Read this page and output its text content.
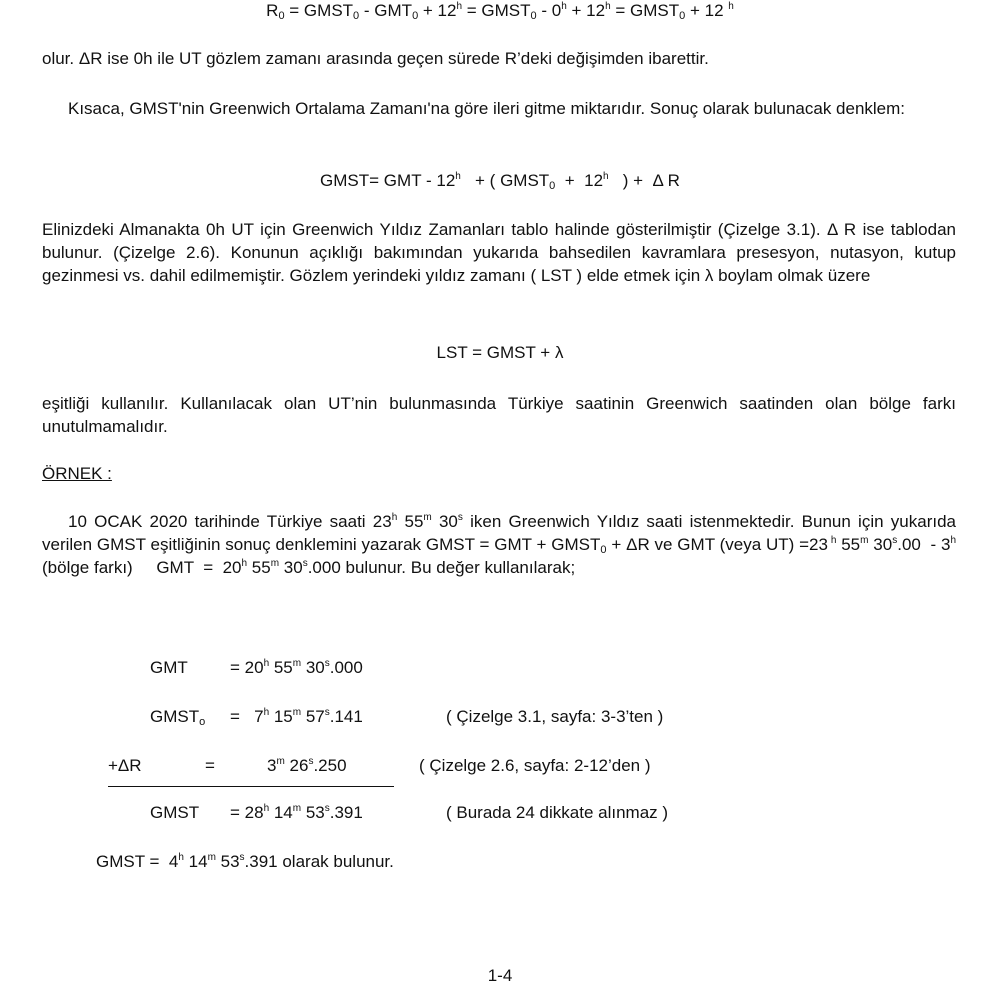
$R_0$ = $GMST_0 - GMT_0 + 12^h$ = $GMST_0 - 0^h + 12^h$ = $GMST_0 + 12$ $^h$
olur. ΔR ise 0h ile UT gözlem zamanı arasında geçen sürede R’deki değişimden ibarettir.
Kısaca, GMST'nin Greenwich Ortalama Zamanı'na göre ileri gitme miktarıdır. Sonuç olarak bulunacak denklem:
GMST= GMT - 12$^h$   + ( $GMST_0 + 12^h$   ) +  Δ R
Elinizdeki Almanakta 0h UT için Greenwich Yıldız Zamanları tablo halinde gösterilmiştir (Çizelge 3.1). Δ R ise tablodan bulunur. (Çizelge 2.6). Konunun açıklığı bakımından yukarıda bahsedilen kavramlara presesyon, nutasyon, kutup gezinmesi vs. dahil edilmemiştir. Gözlem yerindeki yıldız zamanı ( LST ) elde etmek için λ boylam olmak üzere
LST = GMST + λ
eşitliği kullanılır. Kullanılacak olan UT’nin bulunmasında Türkiye saatinin Greenwich saatinden olan bölge farkı unutulmamalıdır.
ÖRNEK :
10 OCAK 2020 tarihinde Türkiye saati 23$^h$ 55$^m$ 30$^s$ iken Greenwich Yıldız saati istenmektedir. Bunun için yukarıda verilen GMST eşitliğinin sonuç denklemini yazarak GMST = GMT + $GMST_0 + \Delta R$ ve GMT (veya UT) =23 $^h$ 55$^m$ 30$^s$.00  - 3$^h$  (bölge farkı)     GMT  =  20$^h$ 55$^m$ 30$^s$.000 bulunur. Bu değer kullanılarak;
GMT = $20^h$ 55$^m$ 30$^s$.000
$GMST_o = 7^h$ 15$^m$ 57$^s$.141	( Çizelge 3.1, sayfa: 3-3’ten )
+ΔR	=	$3^m$ 26$^s$.250	( Çizelge 2.6, sayfa: 2-12’den )
GMST = $28^h$ 14$^m$ 53$^s$.391	( Burada 24 dikkate alınmaz )
GMST =  4$^h$ 14$^m$ 53$^s$.391 olarak bulunur.
1-4
